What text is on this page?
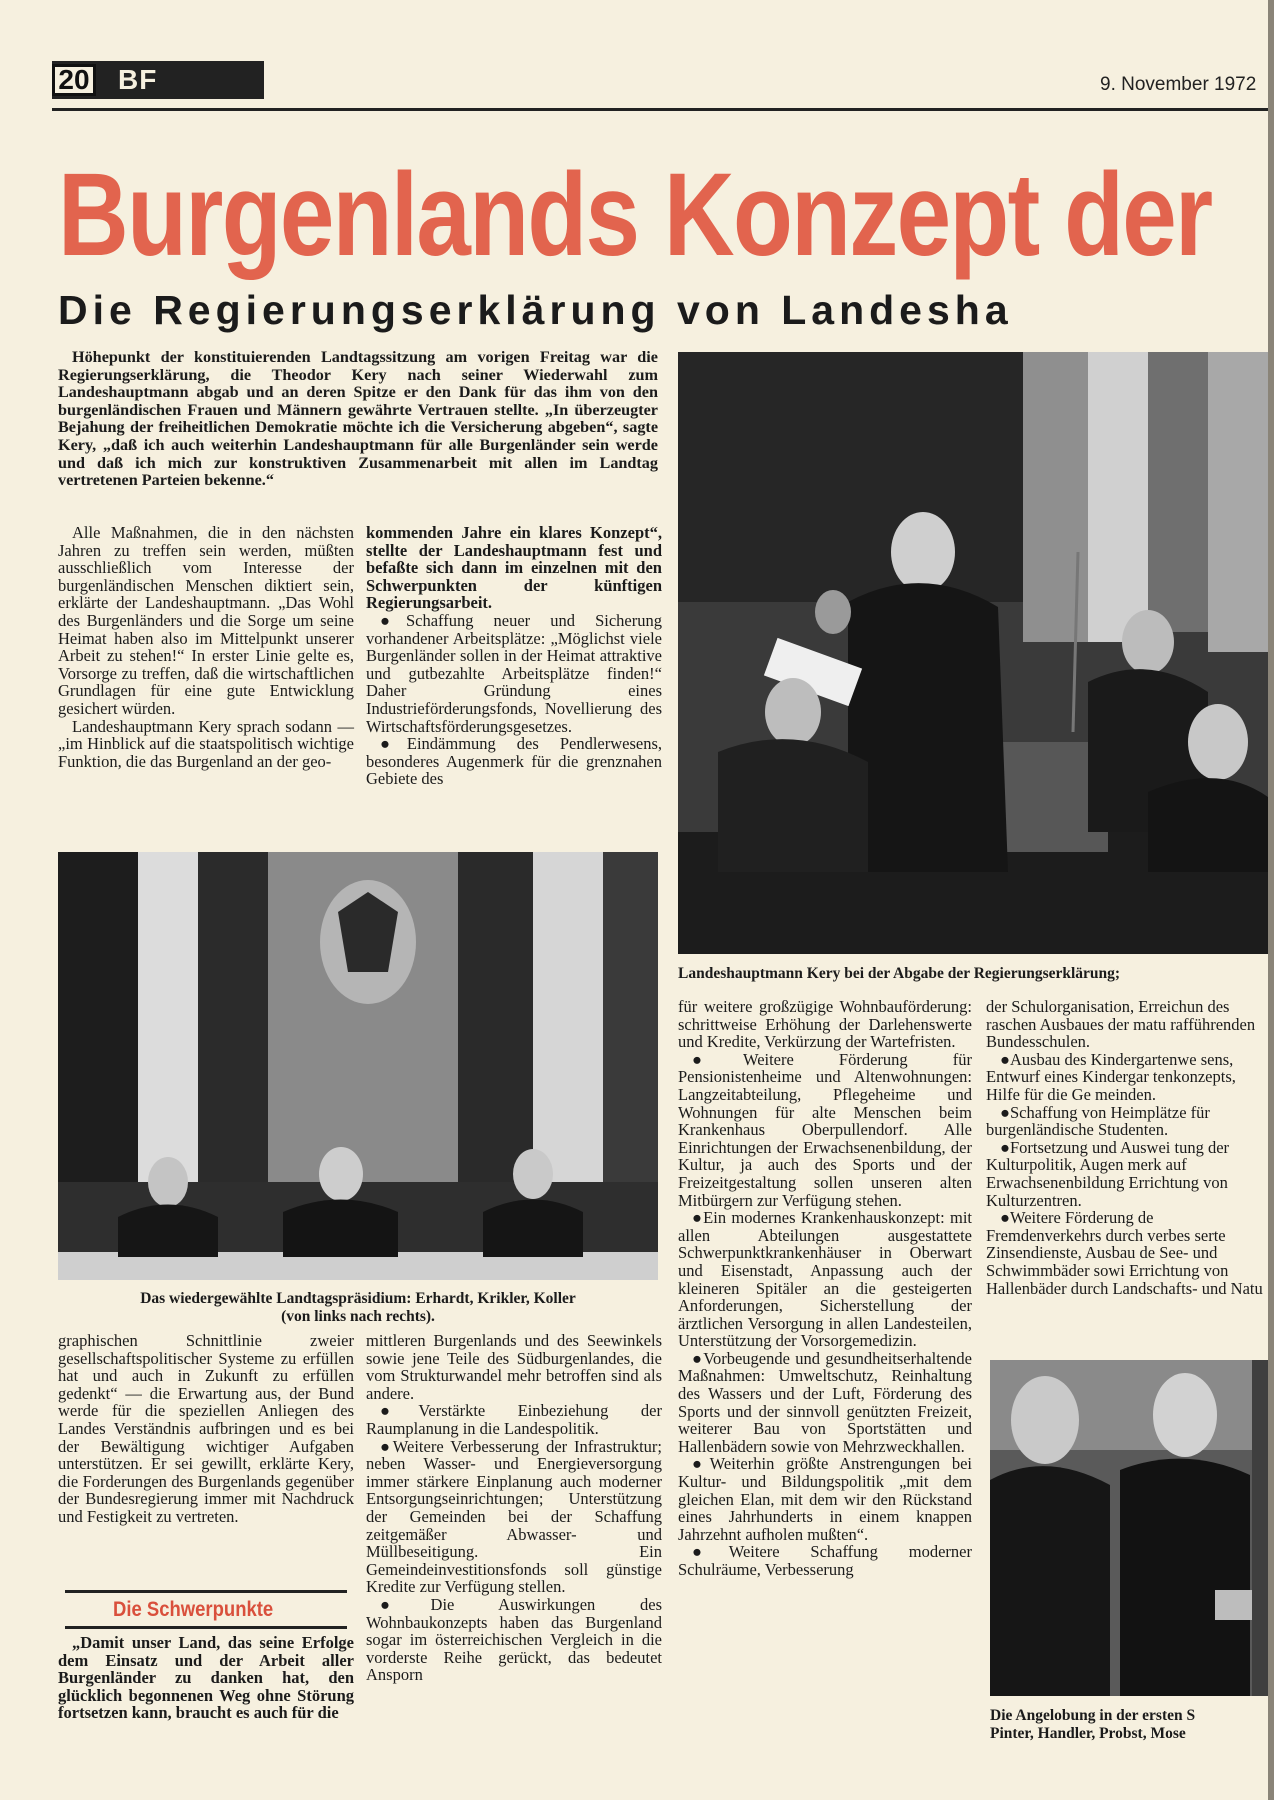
20 BF	9. November 1972
Burgenlands Konzept der
Die Regierungserklärung von Landesha

Höhepunkt der konstituierenden Landtagssitzung am vorigen Freitag war die Regierungserklärung, die Theodor Kery nach seiner Wiederwahl zum Landeshauptmann abgab und an deren Spitze er den Dank für das ihm von den burgenländischen Frauen und Männern gewährte Vertrauen stellte. „In überzeugter Bejahung der freiheitlichen Demokratie möchte ich die Versicherung abgeben“, sagte Kery, „daß ich auch weiterhin Landeshauptmann für alle Burgenländer sein werde und daß ich mich zur konstruktiven Zusammenarbeit mit allen im Landtag vertretenen Parteien bekenne.“

Alle Maßnahmen, die in den nächsten Jahren zu treffen sein werden, müßten ausschließlich vom Interesse der burgenländischen Menschen diktiert sein, erklärte der Landeshauptmann. „Das Wohl des Burgenländers und die Sorge um seine Heimat haben also im Mittelpunkt unserer Arbeit zu stehen!“ In erster Linie gelte es, Vorsorge zu treffen, daß die wirtschaftlichen Grundlagen für eine gute Entwicklung gesichert würden.

Landeshauptmann Kery sprach sodann — „im Hinblick auf die staatspolitisch wichtige Funktion, die das Burgenland an der geo-

kommenden Jahre ein klares Konzept“, stellte der Landeshauptmann fest und befaßte sich dann im einzelnen mit den Schwerpunkten der künftigen Regierungsarbeit.

● Schaffung neuer und Sicherung vorhandener Arbeitsplätze: „Möglichst viele Burgenländer sollen in der Heimat attraktive und gutbezahlte Arbeitsplätze finden!“ Daher Gründung eines Industrieförderungsfonds, Novellierung des Wirtschaftsförderungsgesetzes.

● Eindämmung des Pendlerwesens, besonderes Augenmerk für die grenznahen Gebiete des

Landeshauptmann Kery bei der Abgabe der Regierungserklärung;
Das wiedergewählte Landtagspräsidium: Erhardt, Krikler, Koller
(von links nach rechts).

graphischen Schnittlinie zweier gesellschaftspolitischer Systeme zu erfüllen hat und auch in Zukunft zu erfüllen gedenkt“ — die Erwartung aus, der Bund werde für die speziellen Anliegen des Landes Verständnis aufbringen und es bei der Bewältigung wichtiger Aufgaben unterstützen. Er sei gewillt, erklärte Kery, die Forderungen des Burgenlands gegenüber der Bundesregierung immer mit Nachdruck und Festigkeit zu vertreten.

Die Schwerpunkte

„Damit unser Land, das seine Erfolge dem Einsatz und der Arbeit aller Burgenländer zu danken hat, den glücklich begonnenen Weg ohne Störung fortsetzen kann, braucht es auch für die

mittleren Burgenlands und des Seewinkels sowie jene Teile des Südburgenlandes, die vom Strukturwandel mehr betroffen sind als andere.

● Verstärkte Einbeziehung der Raumplanung in die Landespolitik.

● Weitere Verbesserung der Infrastruktur; neben Wasser- und Energieversorgung immer stärkere Einplanung auch moderner Entsorgungseinrichtungen; Unterstützung der Gemeinden bei der Schaffung zeitgemäßer Abwasser- und Müllbeseitigung. Ein Gemeindeinvestitionsfonds soll günstige Kredite zur Verfügung stellen.

● Die Auswirkungen des Wohnbaukonzepts haben das Burgenland sogar im österreichischen Vergleich in die vorderste Reihe gerückt, das bedeutet Ansporn

für weitere großzügige Wohnbauförderung: schrittweise Erhöhung der Darlehenswerte und Kredite, Verkürzung der Wartefristen.

● Weitere Förderung für Pensionistenheime und Altenwohnungen: Langzeitabteilung, Pflegeheime und Wohnungen für alte Menschen beim Krankenhaus Oberpullendorf. Alle Einrichtungen der Erwachsenenbildung, der Kultur, ja auch des Sports und der Freizeitgestaltung sollen unseren alten Mitbürgern zur Verfügung stehen.

● Ein modernes Krankenhauskonzept: mit allen Abteilungen ausgestattete Schwerpunktkrankenhäuser in Oberwart und Eisenstadt, Anpassung auch der kleineren Spitäler an die gesteigerten Anforderungen, Sicherstellung der ärztlichen Versorgung in allen Landesteilen, Unterstützung der Vorsorgemedizin.

● Vorbeugende und gesundheitserhaltende Maßnahmen: Umweltschutz, Reinhaltung des Wassers und der Luft, Förderung des Sports und der sinnvoll genützten Freizeit, weiterer Bau von Sportstätten und Hallenbädern sowie von Mehrzweckhallen.

● Weiterhin größte Anstrengungen bei Kultur- und Bildungspolitik „mit dem gleichen Elan, mit dem wir den Rückstand eines Jahrhunderts in einem knappen Jahrzehnt aufholen mußten“.

● Weitere Schaffung moderner Schulräume, Verbesserung

der Schulorganisation, Erreichun des raschen Ausbaues der matu rafführenden Bundesschulen.

● Ausbau des Kindergartenwe sens, Entwurf eines Kindergar tenkonzepts, Hilfe für die Ge meinden.

● Schaffung von Heimplätze für burgenländische Studenten.

● Fortsetzung und Auswei tung der Kulturpolitik, Augen merk auf Erwachsenenbildung Errichtung von Kulturzentren.

● Weitere Förderung de Fremdenverkehrs durch verbes serte Zinsendienste, Ausbau de See- und Schwimmbäder sowi Errichtung von Hallenbäder durch Landschafts- und Natu

Die Angelobung in der ersten S
Pinter, Handler, Probst, Mose
